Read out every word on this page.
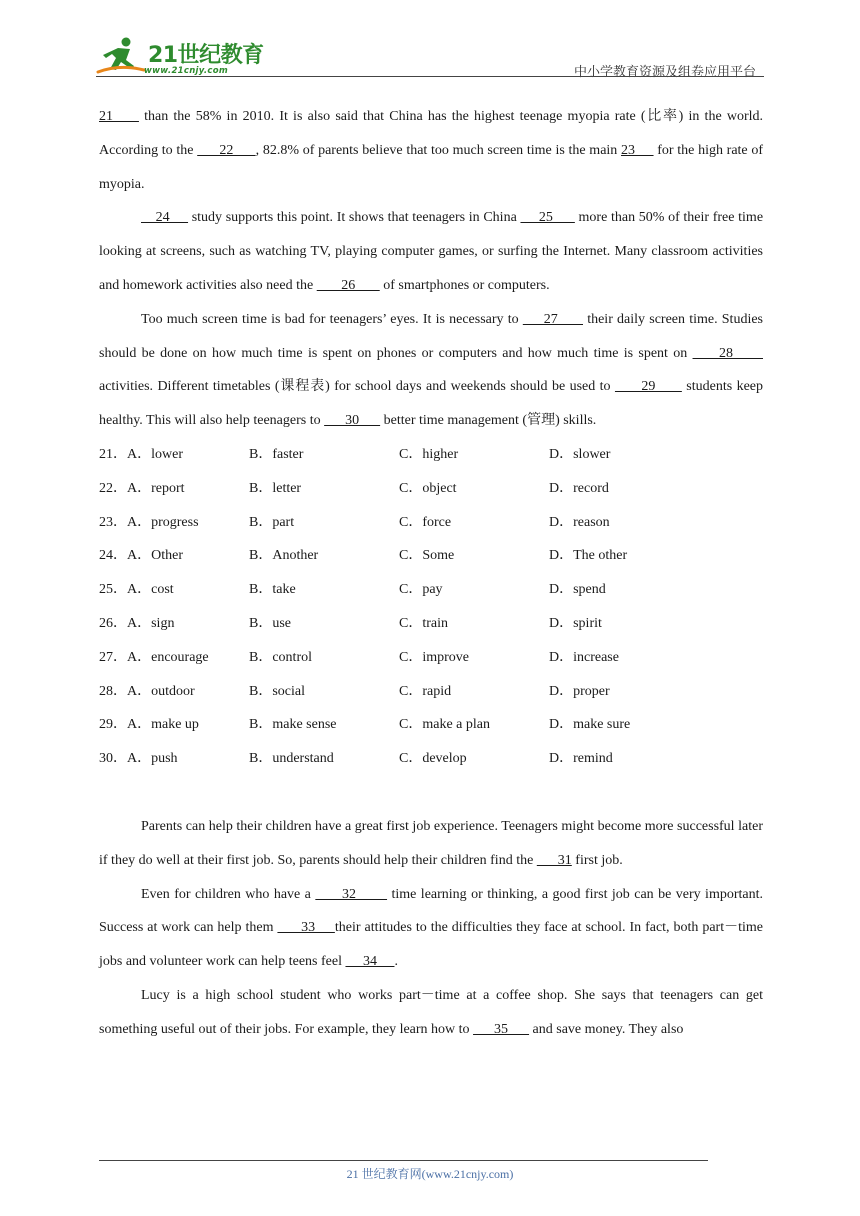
21世纪教育
www.21cnjy.com	中小学教育资源及组卷应用平台

21      than the 58% in 2010. It is also said that China has the highest teenage myopia rate (比率) in the world. According to the       22      , 82.8% of parents believe that too much screen time is the main 23      for the high rate of myopia.

24      study supports this point. It shows that teenagers in China      25       more than 50% of their free time looking at screens, such as watching TV, playing computer games, or surfing the Internet. Many classroom activities and homework activities also need the        26        of smartphones or computers.

Too much screen time is bad for teenagers’ eyes. It is necessary to      27       their daily screen time. Studies should be done on how much time is spent on phones or computers and how much time is spent on      28       activities. Different timetables (课程表) for school days and weekends should be used to       29       students keep healthy. This will also help teenagers to       30       better time management (管理) skills.

21．A．lower	B．faster	C．higher	D．slower
22．A．report	B．letter	C．object	D．record
23．A．progress	B．part	C．force	D．reason
24．A．Other	B．Another	C．Some	D．The other
25．A．cost	B．take	C．pay	D．spend
26．A．sign	B．use	C．train	D．spirit
27．A．encourage	B．control	C．improve	D．increase
28．A．outdoor	B．social	C．rapid	D．proper
29．A．make up	B．make sense	C．make a plan	D．make sure
30．A．push	B．understand	C．develop	D．remind

Parents can help their children have a great first job experience. Teenagers might become more successful later if they do well at their first job. So, parents should help their children find the       31 first job.

Even for children who have a       32        time learning or thinking, a good first job can be very important. Success at work can help them       33     their attitudes to the difficulties they face at school. In fact, both part－time jobs and volunteer work can help teens feel      34     .

Lucy is a high school student who works part－time at a coffee shop. She says that teenagers can get something useful out of their jobs. For example, they learn how to       35       and save money. They also

21 世纪教育网(www.21cnjy.com)
